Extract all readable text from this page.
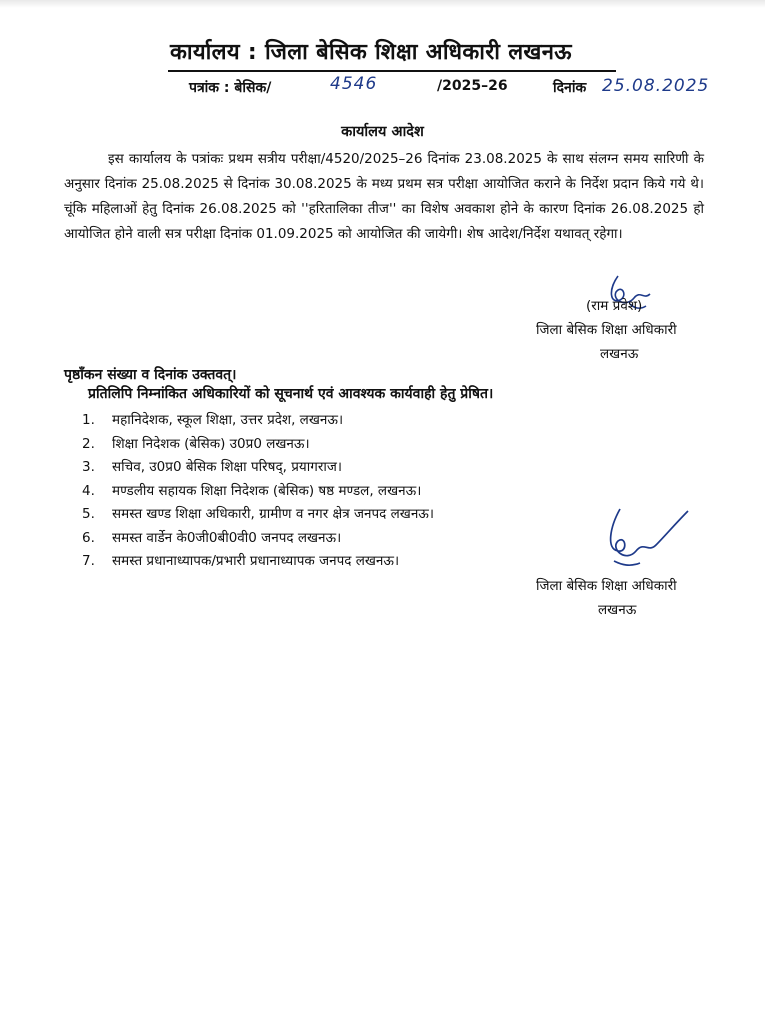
कार्यालय : जिला बेसिक शिक्षा अधिकारी लखनऊ
पत्रांक : बेसिक/	4546	/2025–26	दिनांक 25.08.2025
कार्यालय आदेश

इस कार्यालय के पत्रांकः प्रथम सत्रीय परीक्षा/4520/2025–26 दिनांक 23.08.2025 के साथ संलग्न समय सारिणी के अनुसार दिनांक 25.08.2025 से दिनांक 30.08.2025 के मध्य प्रथम सत्र परीक्षा आयोजित कराने के निर्देश प्रदान किये गये थे। चूंकि महिलाओं हेतु दिनांक 26.08.2025 को ''हरितालिका तीज'' का विशेष अवकाश होने के कारण दिनांक 26.08.2025 हो आयोजित होने वाली सत्र परीक्षा दिनांक 01.09.2025 को आयोजित की जायेगी। शेष आदेश/निर्देश यथावत् रहेगा।

(राम प्रवेश)
जिला बेसिक शिक्षा अधिकारी
लखनऊ
पृष्ठाँकन संख्या व दिनांक उक्तवत्।
प्रतिलिपि निम्नांकित अधिकारियों को सूचनार्थ एवं आवश्यक कार्यवाही हेतु प्रेषित।
1. महानिदेशक, स्कूल शिक्षा, उत्तर प्रदेश, लखनऊ।
2. शिक्षा निदेशक (बेसिक) उ0प्र0 लखनऊ।
3. सचिव, उ0प्र0 बेसिक शिक्षा परिषद्, प्रयागराज।
4. मण्डलीय सहायक शिक्षा निदेशक (बेसिक) षष्ठ मण्डल, लखनऊ।
5. समस्त खण्ड शिक्षा अधिकारी, ग्रामीण व नगर क्षेत्र जनपद लखनऊ।
6. समस्त वार्डेन के0जी0बी0वी0 जनपद लखनऊ।
7. समस्त प्रधानाध्यापक/प्रभारी प्रधानाध्यापक जनपद लखनऊ।
जिला बेसिक शिक्षा अधिकारी
लखनऊ
